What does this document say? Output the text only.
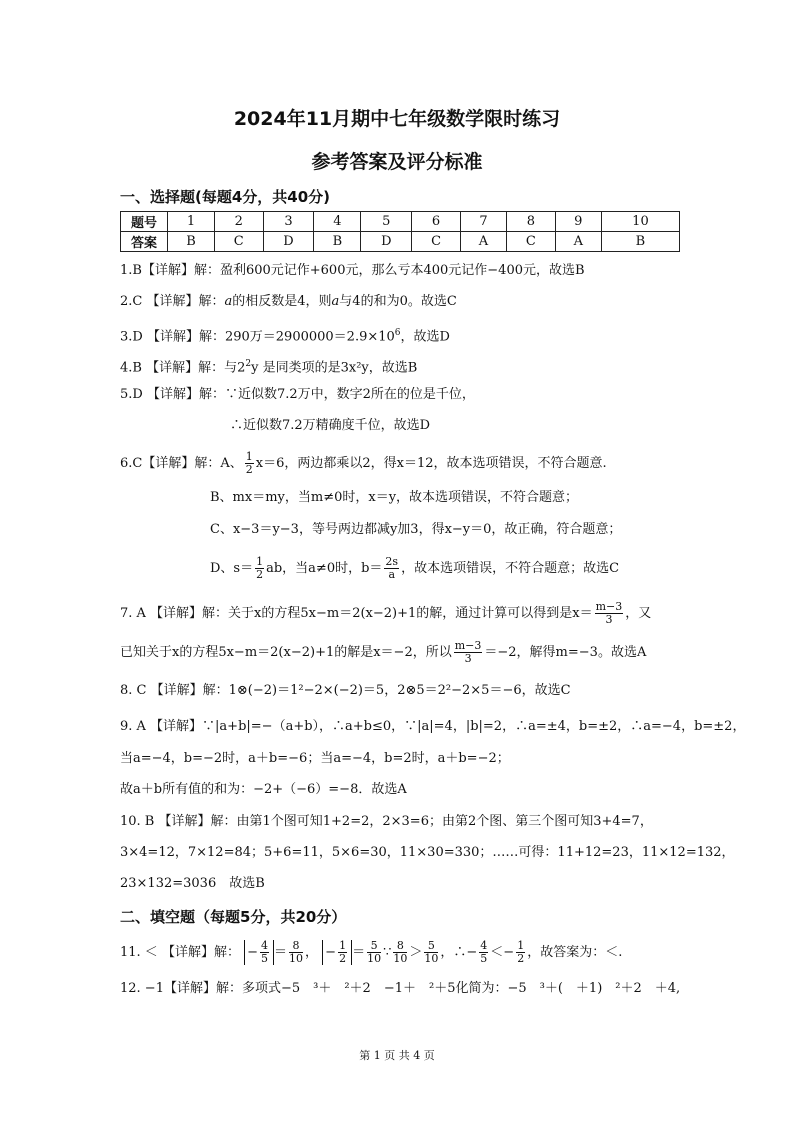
2024年11月期中七年级数学限时练习
参考答案及评分标准
一、选择题(每题4分，共40分)
题号	1	2	3	4	5	6	7	8	9	10
答案	B	C	D	B	D	C	A	C	A	B
1.B【详解】解：盈利600元记作+600元，那么亏本400元记作−400元，故选B
2.C 【详解】解：a的相反数是4，则a与4的和为0。故选C
3.D 【详解】解：290万$=2900000=2.9\times 10^6$，故选D
4.B 【详解】解：与$2^2y$ 是同类项的是3x²y，故选B
5.D 【详解】解：∵近似数7.2万中，数字2所在的位是千位，
∴近似数7.2万精确度千位，故选D
6.C【详解】解：A、 $\frac{1}{2} x=6$，两边都乘以2，得x＝12，故本选项错误，不符合题意.
B、mx＝my，当m≠0时，x＝y，故本选项错误，不符合题意；
C、x−3＝y−3，等号两边都减y加3，得x−y＝0，故正确，符合题意；
D、$s= \frac{1}{2}$ ab，当a≠0时，$b= \frac{2s}{a}$ ，故本选项错误，不符合题意；故选C
7. A 【详解】解：关于x的方程5x−m＝2(x−2)+1的解，通过计算可以得到是$x= \frac{m-3}{3}$ ，又
已知关于x的方程5x−m＝2(x−2)+1的解是x＝−2，所以 $\frac{m-3}{3} =-2$，解得m=−3。故选A
8. C 【详解】解：1⊗(−2)＝1²−2×(−2)＝5，2⊗5＝2²−2×5＝−6，故选C
9. A 【详解】∵|a+b|=−（a+b），∴a+b≤0，∵|a|=4，|b|=2，∴a=±4，b=±2，∴a=−4，b=±2，
当a=−4，b=−2时，a＋b=−6；当a=−4，b=2时，a＋b=−2；
故a＋b所有值的和为：−2+（−6）=−8．故选A
10. B 【详解】解：由第1个图可知1+2=2，2×3=6；由第2个图、第三个图可知3+4=7，
3×4=12，7×12=84；5+6=11，5×6=30，11×30=330；……可得：11+12=23，11×12=132，
23×132=3036　故选B
二、填空题（每题5分，共20分）
11. ＜ 【详解】解： − $\frac{4}{5} = \frac{8}{10}$ ， − $\frac{1}{2} = \frac{5}{10}$ ∵ $\frac{8}{10} > \frac{5}{10}$ ，∴− $\frac{4}{5} <- \frac{1}{2}$ ，故答案为：＜.
12. −1【详解】解：多项式−5　³＋　²＋2　−1＋　²＋5化简为：−5　³＋(　＋1)　²＋2　＋4,
第 1 页 共 4 页
